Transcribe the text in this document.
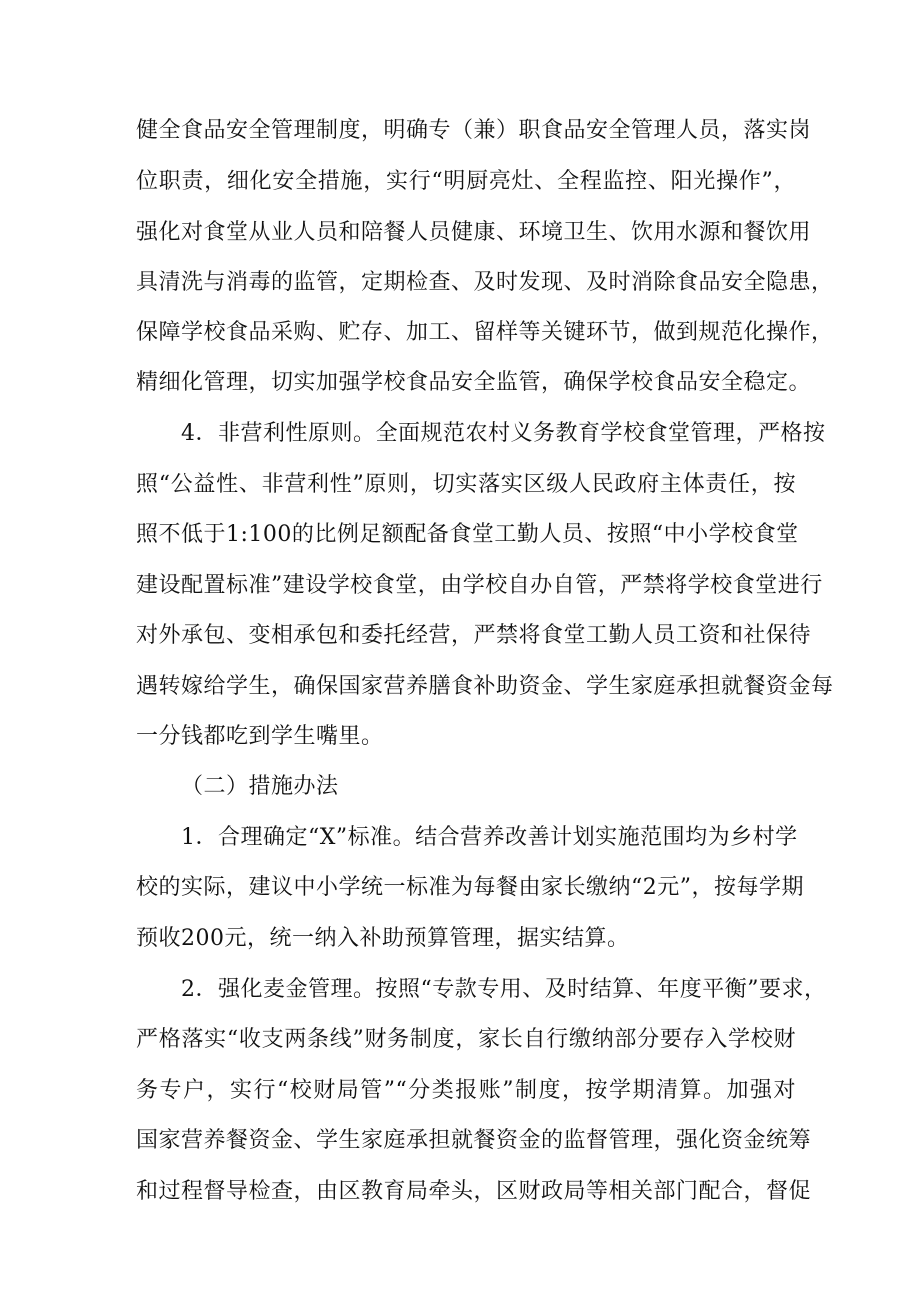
健全食品安全管理制度，明确专（兼）职食品安全管理人员，落实岗
位职责，细化安全措施，实行“明厨亮灶、全程监控、阳光操作”，
强化对食堂从业人员和陪餐人员健康、环境卫生、饮用水源和餐饮用
具清洗与消毒的监管，定期检查、及时发现、及时消除食品安全隐患，
保障学校食品采购、贮存、加工、留样等关键环节，做到规范化操作，
精细化管理，切实加强学校食品安全监管，确保学校食品安全稳定。
4．非营利性原则。全面规范农村义务教育学校食堂管理，严格按
照“公益性、非营利性”原则，切实落实区级人民政府主体责任，按
照不低于1:100的比例足额配备食堂工勤人员、按照“中小学校食堂
建设配置标准”建设学校食堂，由学校自办自管，严禁将学校食堂进行
对外承包、变相承包和委托经营，严禁将食堂工勤人员工资和社保待
遇转嫁给学生，确保国家营养膳食补助资金、学生家庭承担就餐资金每
一分钱都吃到学生嘴里。
（二）措施办法
1．合理确定“X”标准。结合营养改善计划实施范围均为乡村学
校的实际，建议中小学统一标准为每餐由家长缴纳“2元”，按每学期
预收200元，统一纳入补助预算管理，据实结算。
2．强化麦金管理。按照“专款专用、及时结算、年度平衡”要求，
严格落实“收支两条线”财务制度，家长自行缴纳部分要存入学校财
务专户，实行“校财局管”“分类报账”制度，按学期清算。加强对
国家营养餐资金、学生家庭承担就餐资金的监督管理，强化资金统筹
和过程督导检查，由区教育局牵头，区财政局等相关部门配合，督促
